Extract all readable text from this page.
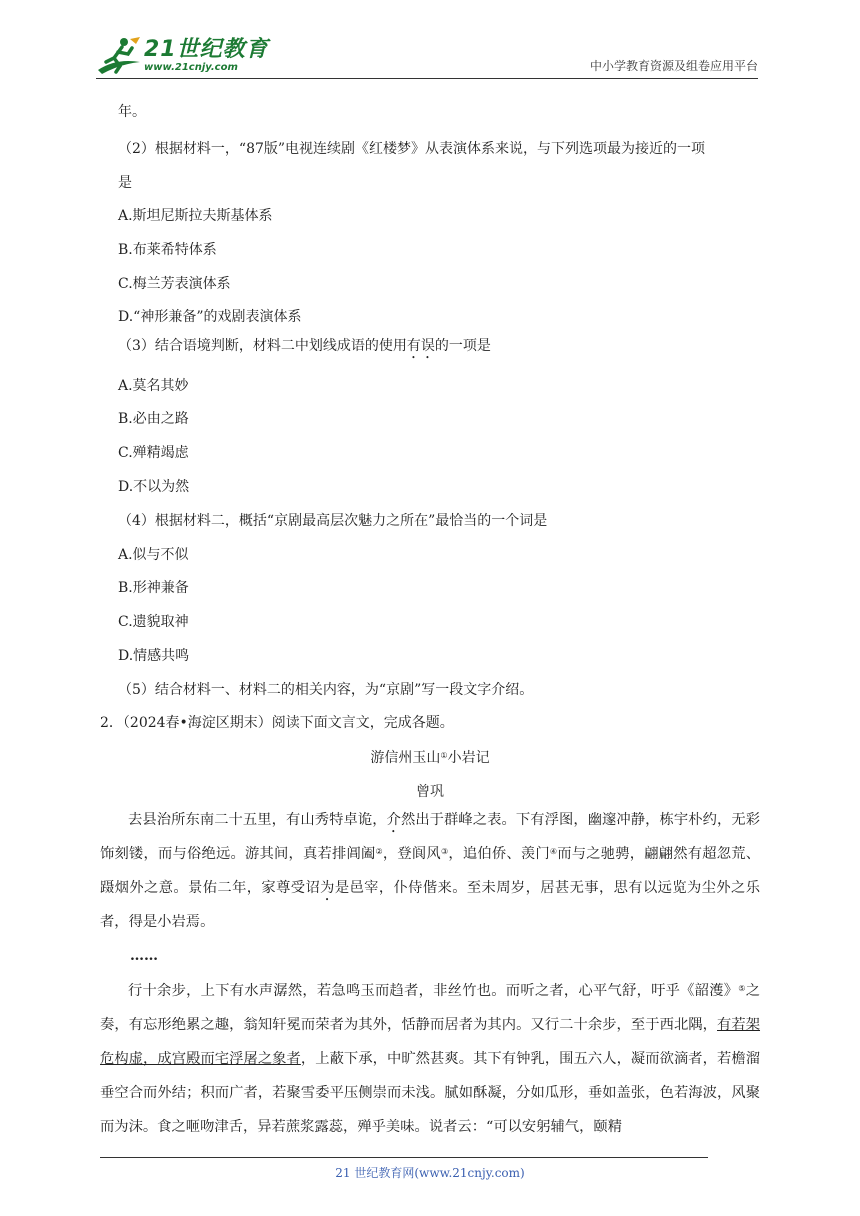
21世纪教育
www.21cnjy.com	中小学教育资源及组卷应用平台
年。
（2）根据材料一，“87版”电视连续剧《红楼梦》从表演体系来说，与下列选项最为接近的一项
是
A.斯坦尼斯拉夫斯基体系
B.布莱希特体系
C.梅兰芳表演体系
D.“神形兼备”的戏剧表演体系
（3）结合语境判断，材料二中划线成语的使用有误的一项是
A.莫名其妙
B.必由之路
C.殚精竭虑
D.不以为然
（4）根据材料二，概括“京剧最高层次魅力之所在”最恰当的一个词是
A.似与不似
B.形神兼备
C.遗貌取神
D.情感共鸣
（5）结合材料一、材料二的相关内容，为“京剧”写一段文字介绍。
2．（2024春•海淀区期末）阅读下面文言文，完成各题。
游信州玉山①小岩记
曾巩
去县治所东南二十五里，有山秀特卓诡，介然出于群峰之表。下有浮图，幽邃冲静，栋宇朴约，无彩饰刻镂，而与俗绝远。游其间，真若排阊阖②，登阆风③，追伯侨、羡门④而与之驰骋，翩翩然有超忽荒、蹑烟外之意。景佑二年，家尊受诏为是邑宰，仆侍偕来。至未周岁，居甚无事，思有以远览为尘外之乐者，得是小岩焉。
……
行十余步，上下有水声潺然，若急鸣玉而趋者，非丝竹也。而听之者，心平气舒，吁乎《韶濩》⑤之奏，有忘形绝累之趣，翁知轩冕而荣者为其外，恬静而居者为其内。又行二十余步，至于西北隅，有若架危构虚，成宫殿而宅浮屠之象者，上蔽下承，中旷然甚爽。其下有钟乳，围五六人，凝而欲滴者，若檐溜垂空合而外结；积而广者，若聚雪委平压侧崇而未浅。腻如酥凝，分如瓜形，垂如盖张，色若海波，风聚而为沫。食之咂吻津舌，异若蔗浆露蕊，殚乎美味。说者云：“可以安躬辅气，颐精
21 世纪教育网(www.21cnjy.com)
